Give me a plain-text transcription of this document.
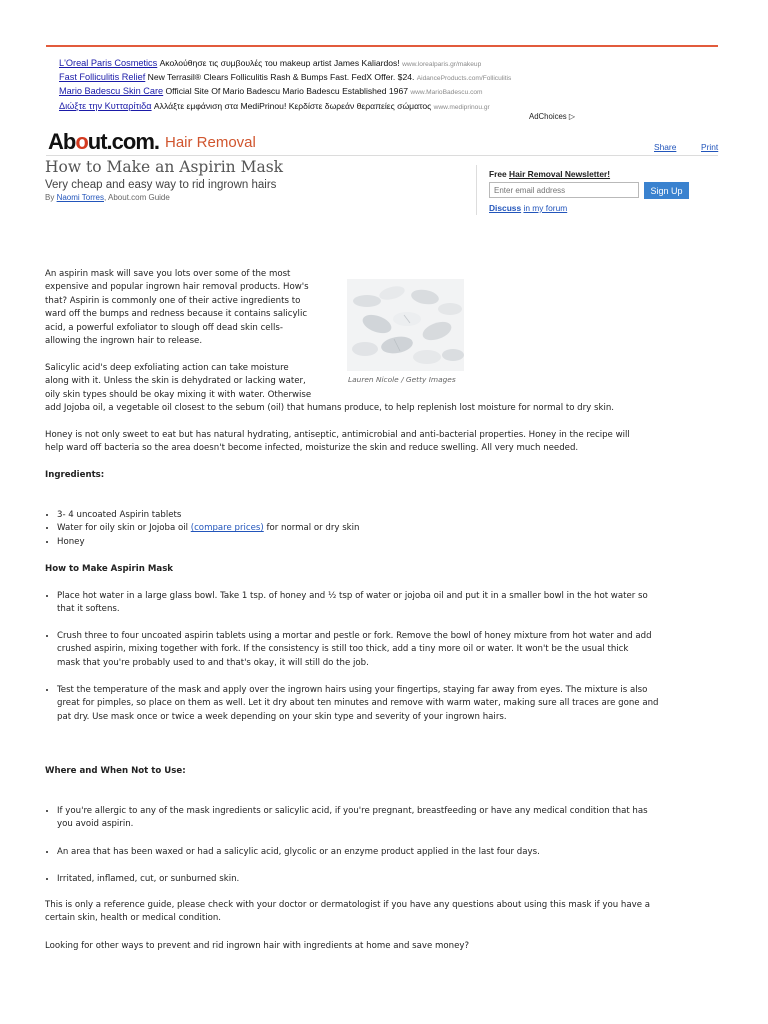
L'Oreal Paris Cosmetics Ακολούθησε τις συμβουλές του makeup artist James Kaliardos! www.lorealparis.gr/makeup
Fast Folliculitis Relief New Terrasil® Clears Folliculitis Rash & Bumps Fast. FedX Offer. $24. AidanceProducts.com/Folliculitis
Mario Badescu Skin Care Official Site Of Mario Badescu Mario Badescu Established 1967 www.MarioBadescu.com
Διώξτε την Κυτταρίτιδα Αλλάξτε εμφάνιση στα MediPrinou! Κερδίστε δωρεάν θεραπείες σώματος www.mediprinou.gr
AdChoices ▷
About.com. Hair Removal	Share	Print
How to Make an Aspirin Mask
Very cheap and easy way to rid ingrown hairs
By Naomi Torres, About.com Guide
Free Hair Removal Newsletter!
Enter email address
Sign Up
Discuss in my forum
Lauren Nicole / Getty Images

An aspirin mask will save you lots over some of the most

expensive and popular ingrown hair removal products. How's

that? Aspirin is commonly one of their active ingredients to

ward off the bumps and redness because it contains salicylic

acid, a powerful exfoliator to slough off dead skin cells-

allowing the ingrown hair to release.

Salicylic acid's deep exfoliating action can take moisture

along with it. Unless the skin is dehydrated or lacking water,

oily skin types should be okay mixing it with water. Otherwise

add Jojoba oil, a vegetable oil closest to the sebum (oil) that humans produce, to help replenish lost moisture for normal to dry skin.

Honey is not only sweet to eat but has natural hydrating, antiseptic, antimicrobial and anti-bacterial properties. Honey in the recipe will

help ward off bacteria so the area doesn't become infected, moisturize the skin and reduce swelling. All very much needed.

Ingredients:

• 3- 4 uncoated Aspirin tablets
• Water for oily skin or Jojoba oil (compare prices) for normal or dry skin
• Honey

How to Make Aspirin Mask

• Place hot water in a large glass bowl. Take 1 tsp. of honey and ½ tsp of water or jojoba oil and put it in a smaller bowl in the hot water so
that it softens.
• Crush three to four uncoated aspirin tablets using a mortar and pestle or fork. Remove the bowl of honey mixture from hot water and add
crushed aspirin, mixing together with fork. If the consistency is still too thick, add a tiny more oil or water. It won't be the usual thick
mask that you're probably used to and that's okay, it will still do the job.
• Test the temperature of the mask and apply over the ingrown hairs using your fingertips, staying far away from eyes. The mixture is also
great for pimples, so place on them as well. Let it dry about ten minutes and remove with warm water, making sure all traces are gone and
pat dry. Use mask once or twice a week depending on your skin type and severity of your ingrown hairs.

Where and When Not to Use:

• If you're allergic to any of the mask ingredients or salicylic acid, if you're pregnant, breastfeeding or have any medical condition that has
you avoid aspirin.
• An area that has been waxed or had a salicylic acid, glycolic or an enzyme product applied in the last four days.
• Irritated, inflamed, cut, or sunburned skin.

This is only a reference guide, please check with your doctor or dermatologist if you have any questions about using this mask if you have a

certain skin, health or medical condition.

Looking for other ways to prevent and rid ingrown hair with ingredients at home and save money?
